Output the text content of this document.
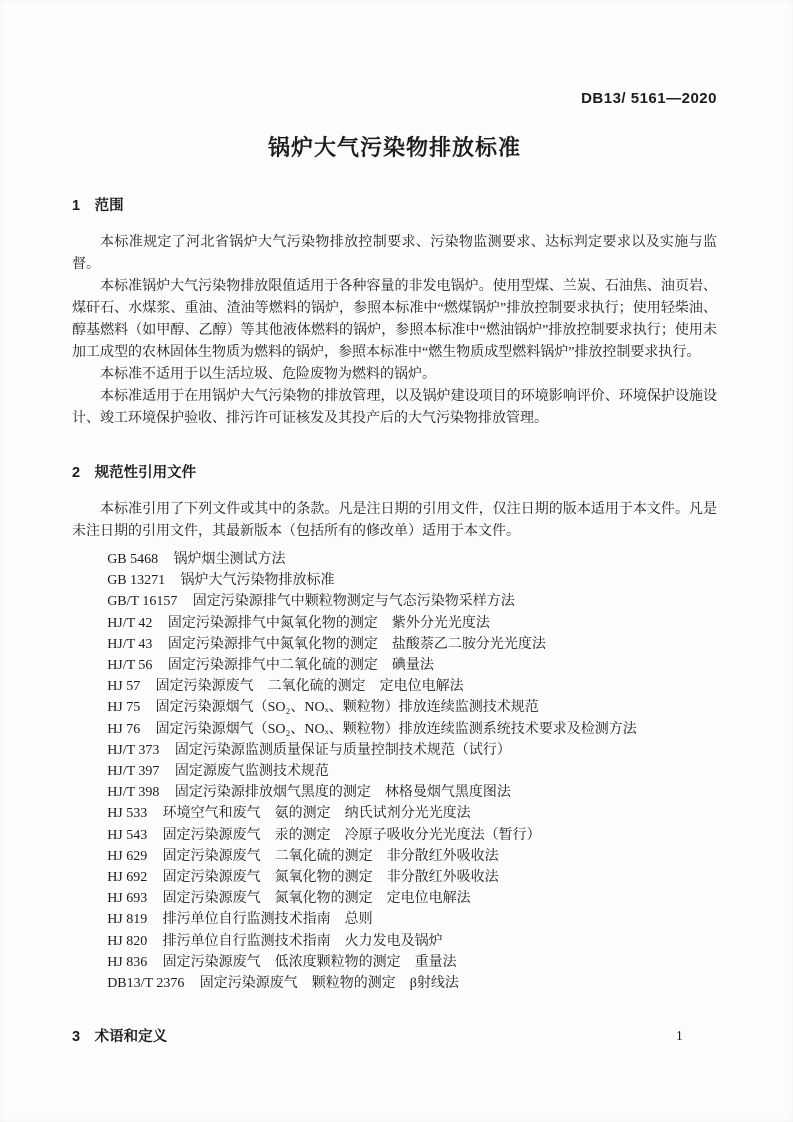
DB13/ 5161—2020
锅炉大气污染物排放标准
1　范围

本标准规定了河北省锅炉大气污染物排放控制要求、污染物监测要求、达标判定要求以及实施与监督。

本标准锅炉大气污染物排放限值适用于各种容量的非发电锅炉。使用型煤、兰炭、石油焦、油页岩、煤矸石、水煤浆、重油、渣油等燃料的锅炉，参照本标准中“燃煤锅炉”排放控制要求执行；使用轻柴油、醇基燃料（如甲醇、乙醇）等其他液体燃料的锅炉，参照本标准中“燃油锅炉”排放控制要求执行；使用未加工成型的农林固体生物质为燃料的锅炉，参照本标准中“燃生物质成型燃料锅炉”排放控制要求执行。

本标准不适用于以生活垃圾、危险废物为燃料的锅炉。

本标准适用于在用锅炉大气污染物的排放管理，以及锅炉建设项目的环境影响评价、环境保护设施设计、竣工环境保护验收、排污许可证核发及其投产后的大气污染物排放管理。

2　规范性引用文件

本标准引用了下列文件或其中的条款。凡是注日期的引用文件，仅注日期的版本适用于本文件。凡是未注日期的引用文件，其最新版本（包括所有的修改单）适用于本文件。

GB 5468 锅炉烟尘测试方法
GB 13271 锅炉大气污染物排放标准
GB/T 16157 固定污染源排气中颗粒物测定与气态污染物采样方法
HJ/T 42 固定污染源排气中氮氧化物的测定　紫外分光光度法
HJ/T 43 固定污染源排气中氮氧化物的测定　盐酸萘乙二胺分光光度法
HJ/T 56 固定污染源排气中二氧化硫的测定　碘量法
HJ 57 固定污染源废气　二氧化硫的测定　定电位电解法
HJ 75 固定污染源烟气（SO₂、NOₓ、颗粒物）排放连续监测技术规范
HJ 76 固定污染源烟气（SO₂、NOₓ、颗粒物）排放连续监测系统技术要求及检测方法
HJ/T 373 固定污染源监测质量保证与质量控制技术规范（试行）
HJ/T 397 固定源废气监测技术规范
HJ/T 398 固定污染源排放烟气黑度的测定　林格曼烟气黑度图法
HJ 533 环境空气和废气　氨的测定　纳氏试剂分光光度法
HJ 543 固定污染源废气　汞的测定　冷原子吸收分光光度法（暂行）
HJ 629 固定污染源废气　二氧化硫的测定　非分散红外吸收法
HJ 692 固定污染源废气　氮氧化物的测定　非分散红外吸收法
HJ 693 固定污染源废气　氮氧化物的测定　定电位电解法
HJ 819 排污单位自行监测技术指南　总则
HJ 820 排污单位自行监测技术指南　火力发电及锅炉
HJ 836 固定污染源废气　低浓度颗粒物的测定　重量法
DB13/T 2376 固定污染源废气　颗粒物的测定　β射线法
3　术语和定义	1
